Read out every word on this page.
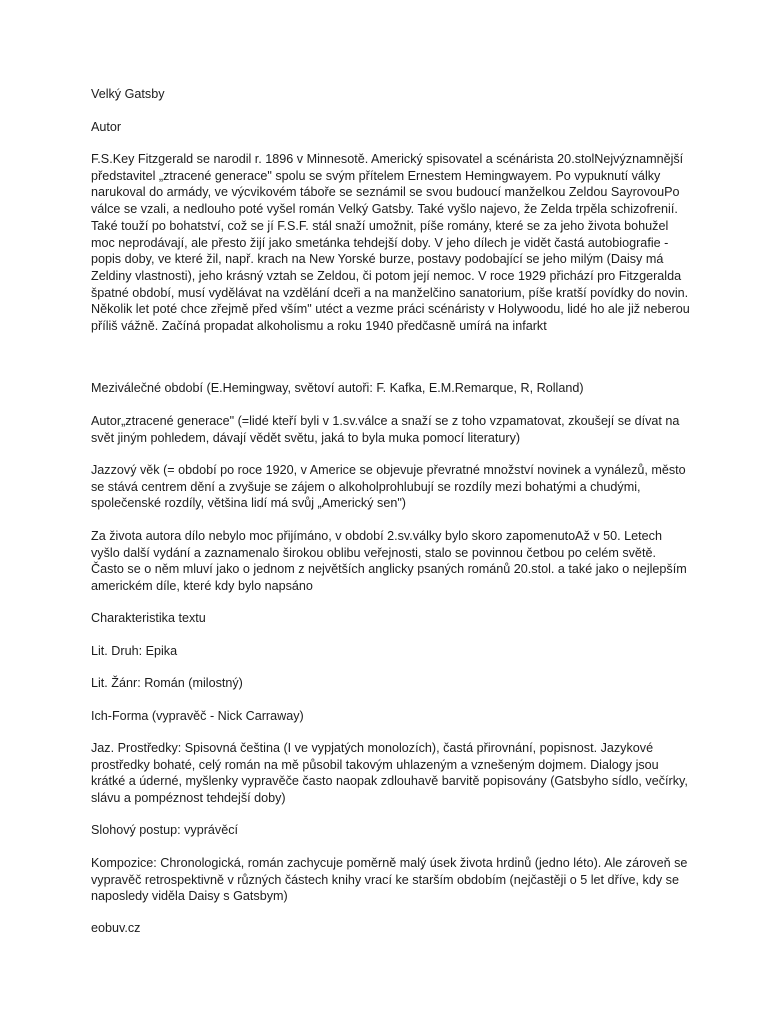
Velký Gatsby

Autor

F.S.Key Fitzgerald se narodil r. 1896 v Minnesotě. Americký spisovatel a scénárista 20.stolNejvýznamnější představitel „ztracené generace" spolu se svým přítelem Ernestem Hemingwayem. Po vypuknutí války narukoval do armády, ve výcvikovém táboře se seznámil se svou budoucí manželkou Zeldou SayrovouPo válce se vzali, a nedlouho poté vyšel román Velký Gatsby. Také vyšlo najevo, že Zelda trpěla schizofrenií. Také touží po bohatství, což se jí F.S.F. stál snaží umožnit, píše romány, které se za jeho života bohužel moc neprodávají, ale přesto žijí jako smetánka tehdejší doby. V jeho dílech je vidět častá autobiografie - popis doby, ve které žil, např. krach na New Yorské burze, postavy podobající se jeho milým (Daisy má Zeldiny vlastnosti), jeho krásný vztah se Zeldou, či potom její nemoc. V roce 1929 přichází pro Fitzgeralda špatné období, musí vydělávat na vzdělání dceři a na manželčino sanatorium, píše kratší povídky do novin. Několik let poté chce zřejmě před vším" utéct a vezme práci scénáristy v Holywoodu, lidé ho ale již neberou příliš vážně. Začíná propadat alkoholismu a roku 1940 předčasně umírá na infarkt

Meziválečné období (E.Hemingway, světoví autoři: F. Kafka, E.M.Remarque, R, Rolland)

Autor„ztracené generace" (=lidé kteří byli v 1.sv.válce a snaží se z toho vzpamatovat, zkoušejí se dívat na svět jiným pohledem, dávají vědět světu, jaká to byla muka pomocí literatury)

Jazzový věk (= období po roce 1920, v Americe se objevuje převratné množství novinek a vynálezů, město se stává centrem dění a zvyšuje se zájem o alkoholprohlubují se rozdíly mezi bohatými a chudými, společenské rozdíly, většina lidí má svůj „Americký sen")

Za života autora dílo nebylo moc přijímáno, v období 2.sv.války bylo skoro zapomenutoAž v 50. Letech vyšlo další vydání a zaznamenalo širokou oblibu veřejnosti, stalo se povinnou četbou po celém světě. Často se o něm mluví jako o jednom z největších anglicky psaných románů 20.stol. a také jako o nejlepším americkém díle, které kdy bylo napsáno

Charakteristika textu

Lit. Druh: Epika

Lit. Žánr: Román (milostný)

Ich-Forma (vypravěč - Nick Carraway)

Jaz. Prostředky: Spisovná čeština (I ve vypjatých monolozích), častá přirovnání, popisnost. Jazykové prostředky bohaté, celý román na mě působil takovým uhlazeným a vznešeným dojmem. Dialogy jsou krátké a úderné, myšlenky vypravěče často naopak zdlouhavě barvitě popisovány (Gatsbyho sídlo, večírky, slávu a pompéznost tehdejší doby)

Slohový postup: vyprávěcí

Kompozice: Chronologická, román zachycuje poměrně malý úsek života hrdinů (jedno léto). Ale zároveň se vypravěč retrospektivně v různých částech knihy vrací ke starším obdobím (nejčastěji o 5 let dříve, kdy se naposledy viděla Daisy s Gatsbym)

eobuv.cz
